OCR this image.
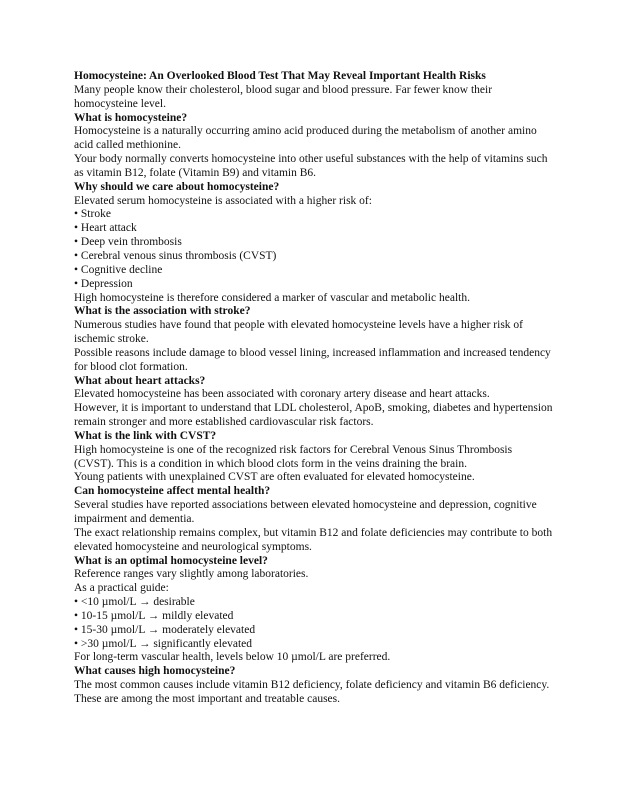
Homocysteine: An Overlooked Blood Test That May Reveal Important Health Risks

Many people know their cholesterol, blood sugar and blood pressure. Far fewer know their homocysteine level.

What is homocysteine?

Homocysteine is a naturally occurring amino acid produced during the metabolism of another amino acid called methionine.

Your body normally converts homocysteine into other useful substances with the help of vitamins such as vitamin B12, folate (Vitamin B9) and vitamin B6.

Why should we care about homocysteine?

Elevated serum homocysteine is associated with a higher risk of:

• Stroke
• Heart attack
• Deep vein thrombosis
• Cerebral venous sinus thrombosis (CVST)
• Cognitive decline
• Depression

High homocysteine is therefore considered a marker of vascular and metabolic health.

What is the association with stroke?

Numerous studies have found that people with elevated homocysteine levels have a higher risk of ischemic stroke.

Possible reasons include damage to blood vessel lining, increased inflammation and increased tendency for blood clot formation.

What about heart attacks?

Elevated homocysteine has been associated with coronary artery disease and heart attacks.

However, it is important to understand that LDL cholesterol, ApoB, smoking, diabetes and hypertension remain stronger and more established cardiovascular risk factors.

What is the link with CVST?

High homocysteine is one of the recognized risk factors for Cerebral Venous Sinus Thrombosis (CVST). This is a condition in which blood clots form in the veins draining the brain.

Young patients with unexplained CVST are often evaluated for elevated homocysteine.

Can homocysteine affect mental health?

Several studies have reported associations between elevated homocysteine and depression, cognitive impairment and dementia.

The exact relationship remains complex, but vitamin B12 and folate deficiencies may contribute to both elevated homocysteine and neurological symptoms.

What is an optimal homocysteine level?

Reference ranges vary slightly among laboratories.

As a practical guide:

• <10 µmol/L → desirable
• 10-15 µmol/L → mildly elevated
• 15-30 µmol/L → moderately elevated
• >30 µmol/L → significantly elevated

For long-term vascular health, levels below 10 µmol/L are preferred.

What causes high homocysteine?

The most common causes include vitamin B12 deficiency, folate deficiency and vitamin B6 deficiency. These are among the most important and treatable causes.
